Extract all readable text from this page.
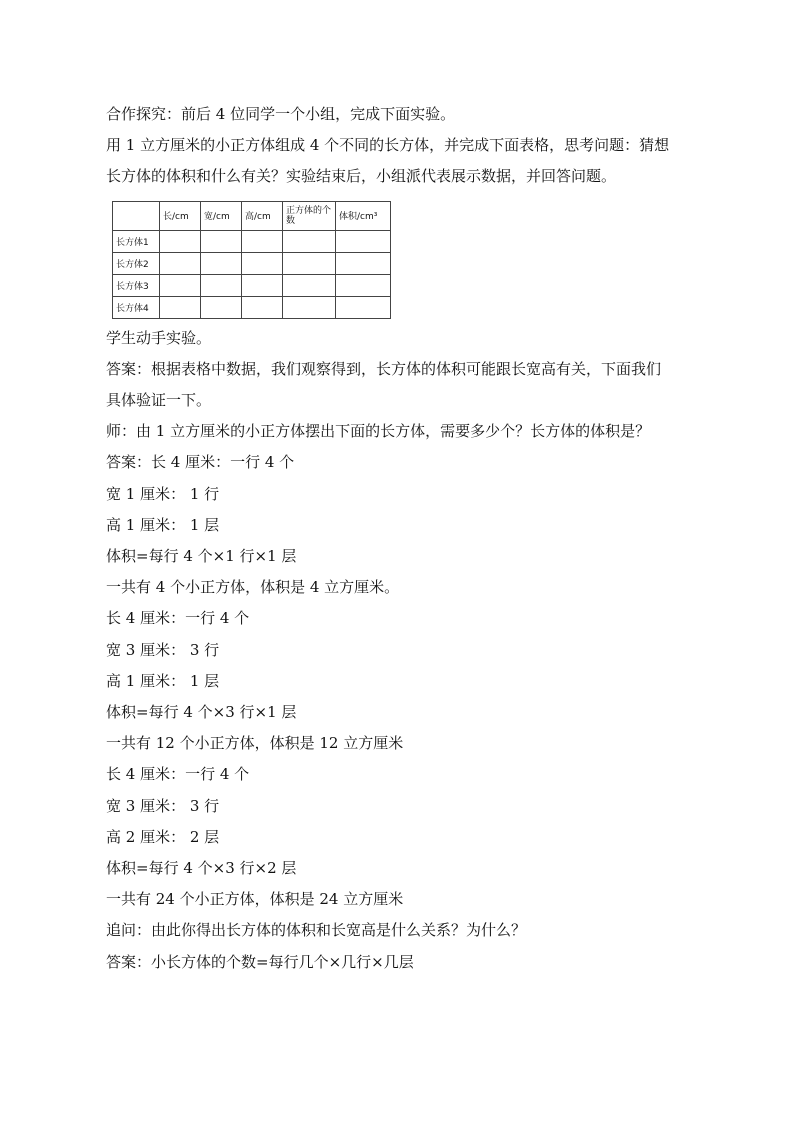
合作探究：前后 4 位同学一个小组，完成下面实验。
用 1 立方厘米的小正方体组成 4 个不同的长方体，并完成下面表格，思考问题：猜想
长方体的体积和什么有关？实验结束后，小组派代表展示数据，并回答问题。
	长/cm	宽/cm	高/cm	正方体的个数	体积/cm³
长方体1					
长方体2					
长方体3					
长方体4					
学生动手实验。
答案：根据表格中数据，我们观察得到，长方体的体积可能跟长宽高有关，下面我们
具体验证一下。
师：由 1 立方厘米的小正方体摆出下面的长方体，需要多少个？长方体的体积是？
答案：长 4 厘米：一行 4 个
宽 1 厘米： 1 行
高 1 厘米： 1 层
体积=每行 4 个×1 行×1 层
一共有 4 个小正方体，体积是 4 立方厘米。
长 4 厘米：一行 4 个
宽 3 厘米： 3 行
高 1 厘米： 1 层
体积=每行 4 个×3 行×1 层
一共有 12 个小正方体，体积是 12 立方厘米
长 4 厘米：一行 4 个
宽 3 厘米： 3 行
高 2 厘米： 2 层
体积=每行 4 个×3 行×2 层
一共有 24 个小正方体，体积是 24 立方厘米
追问：由此你得出长方体的体积和长宽高是什么关系？为什么？
答案：小长方体的个数=每行几个×几行×几层
